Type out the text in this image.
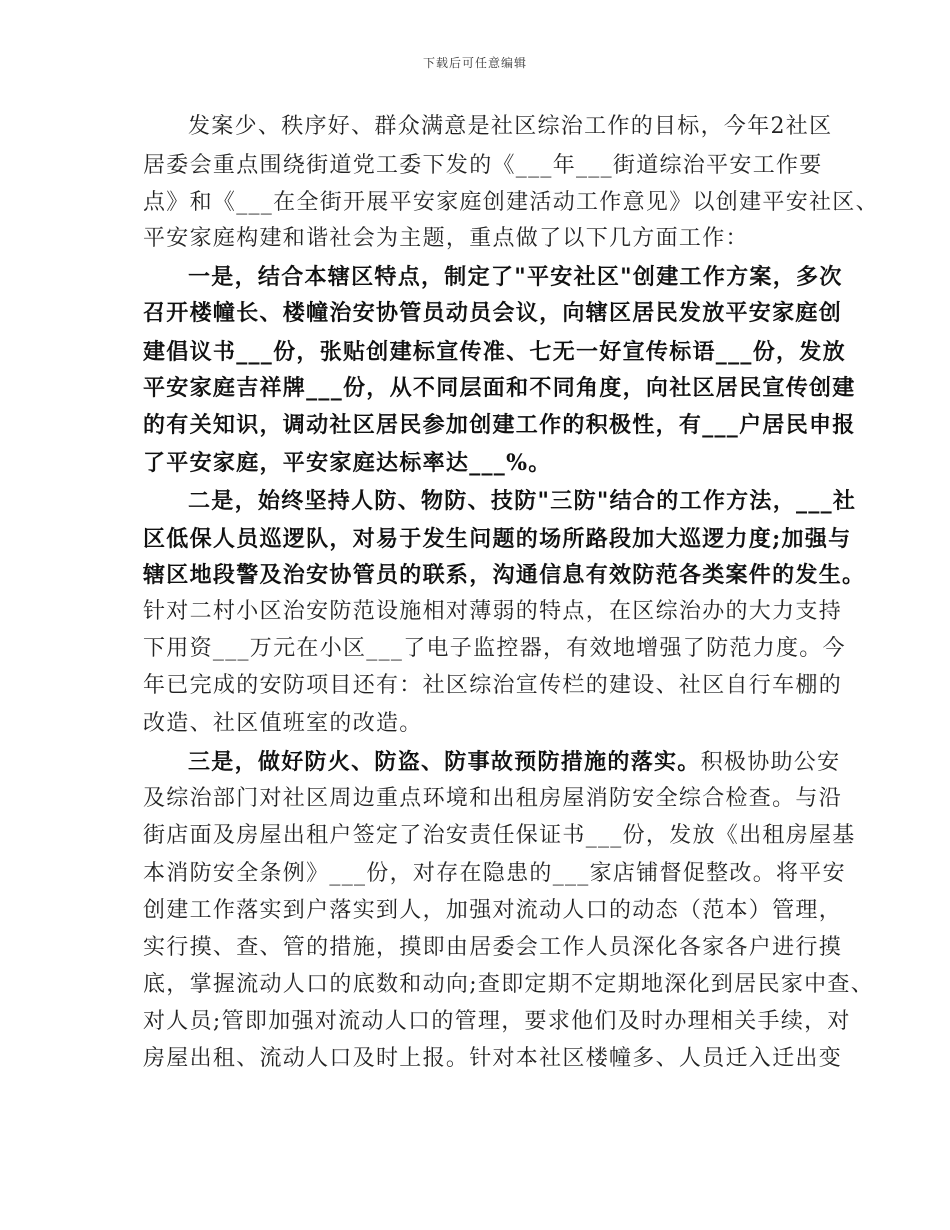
下载后可任意编辑
发案少、秩序好、群众满意是社区综治工作的目标，今年2社区
居委会重点围绕街道党工委下发的《___年___街道综治平安工作要
点》和《___在全街开展平安家庭创建活动工作意见》以创建平安社区、
平安家庭构建和谐社会为主题，重点做了以下几方面工作：
一是，结合本辖区特点，制定了"平安社区"创建工作方案，多次
召开楼幢长、楼幢治安协管员动员会议，向辖区居民发放平安家庭创
建倡议书___份，张贴创建标宣传准、七无一好宣传标语___份，发放
平安家庭吉祥牌___份，从不同层面和不同角度，向社区居民宣传创建
的有关知识，调动社区居民参加创建工作的积极性，有___户居民申报
了平安家庭，平安家庭达标率达___%。
二是，始终坚持人防、物防、技防"三防"结合的工作方法，___社
区低保人员巡逻队，对易于发生问题的场所路段加大巡逻力度;加强与
辖区地段警及治安协管员的联系，沟通信息有效防范各类案件的发生。
针对二村小区治安防范设施相对薄弱的特点，在区综治办的大力支持
下用资___万元在小区___了电子监控器，有效地增强了防范力度。今
年已完成的安防项目还有：社区综治宣传栏的建设、社区自行车棚的
改造、社区值班室的改造。
三是，做好防火、防盗、防事故预防措施的落实。积极协助公安
及综治部门对社区周边重点环境和出租房屋消防安全综合检查。与沿
街店面及房屋出租户签定了治安责任保证书___份，发放《出租房屋基
本消防安全条例》___份，对存在隐患的___家店铺督促整改。将平安
创建工作落实到户落实到人，加强对流动人口的动态（范本）管理，
实行摸、查、管的措施，摸即由居委会工作人员深化各家各户进行摸
底，掌握流动人口的底数和动向;查即定期不定期地深化到居民家中查、
对人员;管即加强对流动人口的管理，要求他们及时办理相关手续，对
房屋出租、流动人口及时上报。针对本社区楼幢多、人员迁入迁出变
